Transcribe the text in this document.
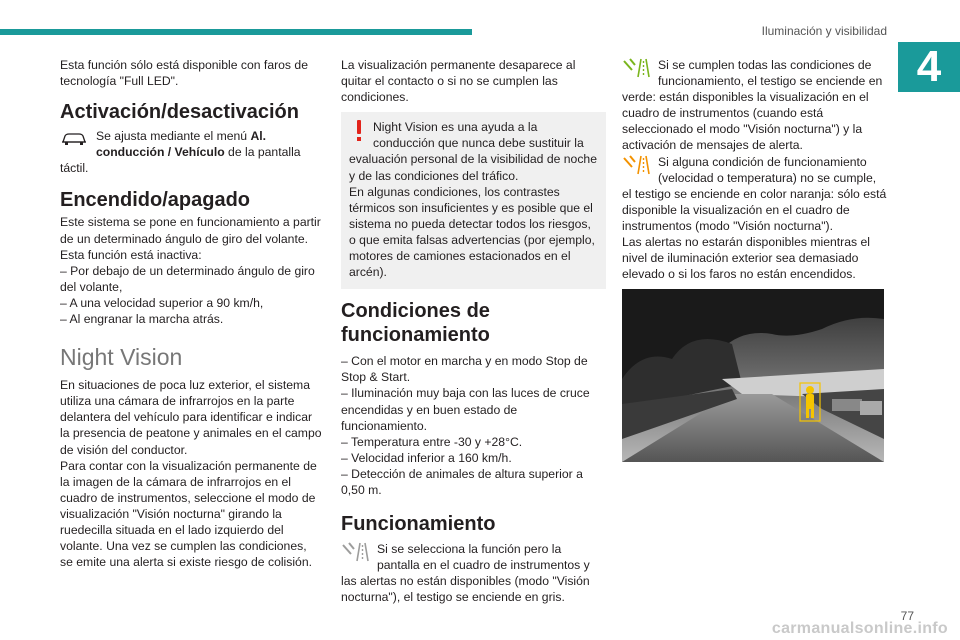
Iluminación y visibilidad
4

Esta función sólo está disponible con faros de tecnología "Full LED".

Activación/desactivación
Se ajusta mediante el menú Al. conducción / Vehículo de la pantalla táctil.
Encendido/apagado

Este sistema se pone en funcionamiento a partir de un determinado ángulo de giro del volante.

Esta función está inactiva:

– Por debajo de un determinado ángulo de giro del volante,

– A una velocidad superior a 90 km/h,

– Al engranar la marcha atrás.

Night Vision

En situaciones de poca luz exterior, el sistema utiliza una cámara de infrarrojos en la parte delantera del vehículo para identificar e indicar la presencia de peatone y animales en el campo de visión del conductor.

Para contar con la visualización permanente de la imagen de la cámara de infrarrojos en el cuadro de instrumentos, seleccione el modo de visualización "Visión nocturna" girando la ruedecilla situada en el lado izquierdo del volante. Una vez se cumplen las condiciones, se emite una alerta si existe riesgo de colisión.

La visualización permanente desaparece al quitar el contacto o si no se cumplen las condiciones.

Night Vision es una ayuda a la conducción que nunca debe sustituir la evaluación personal de la visibilidad de noche y de las condiciones del tráfico.

En algunas condiciones, los contrastes térmicos son insuficientes y es posible que el sistema no pueda detectar todos los riesgos, o que emita falsas advertencias (por ejemplo, motores de camiones estacionados en el arcén).

Condiciones de funcionamiento

– Con el motor en marcha y en modo Stop de Stop & Start.

– Iluminación muy baja con las luces de cruce encendidas y en buen estado de funcionamiento.

– Temperatura entre -30 y +28°C.

– Velocidad inferior a 160 km/h.

– Detección de animales de altura superior a 0,50 m.

Funcionamiento
Si se selecciona la función pero la pantalla en el cuadro de instrumentos y las alertas no están disponibles (modo "Visión nocturna"), el testigo se enciende en gris.
Si se cumplen todas las condiciones de funcionamiento, el testigo se enciende en verde: están disponibles la visualización en el cuadro de instrumentos (cuando está seleccionado el modo "Visión nocturna") y la activación de mensajes de alerta.
Si alguna condición de funcionamiento (velocidad o temperatura) no se cumple, el testigo se enciende en color naranja: sólo está disponible la visualización en el cuadro de instrumentos (modo "Visión nocturna").

Las alertas no estarán disponibles mientras el nivel de iluminación exterior sea demasiado elevado o si los faros no están encendidos.

77
carmanualsonline.info
